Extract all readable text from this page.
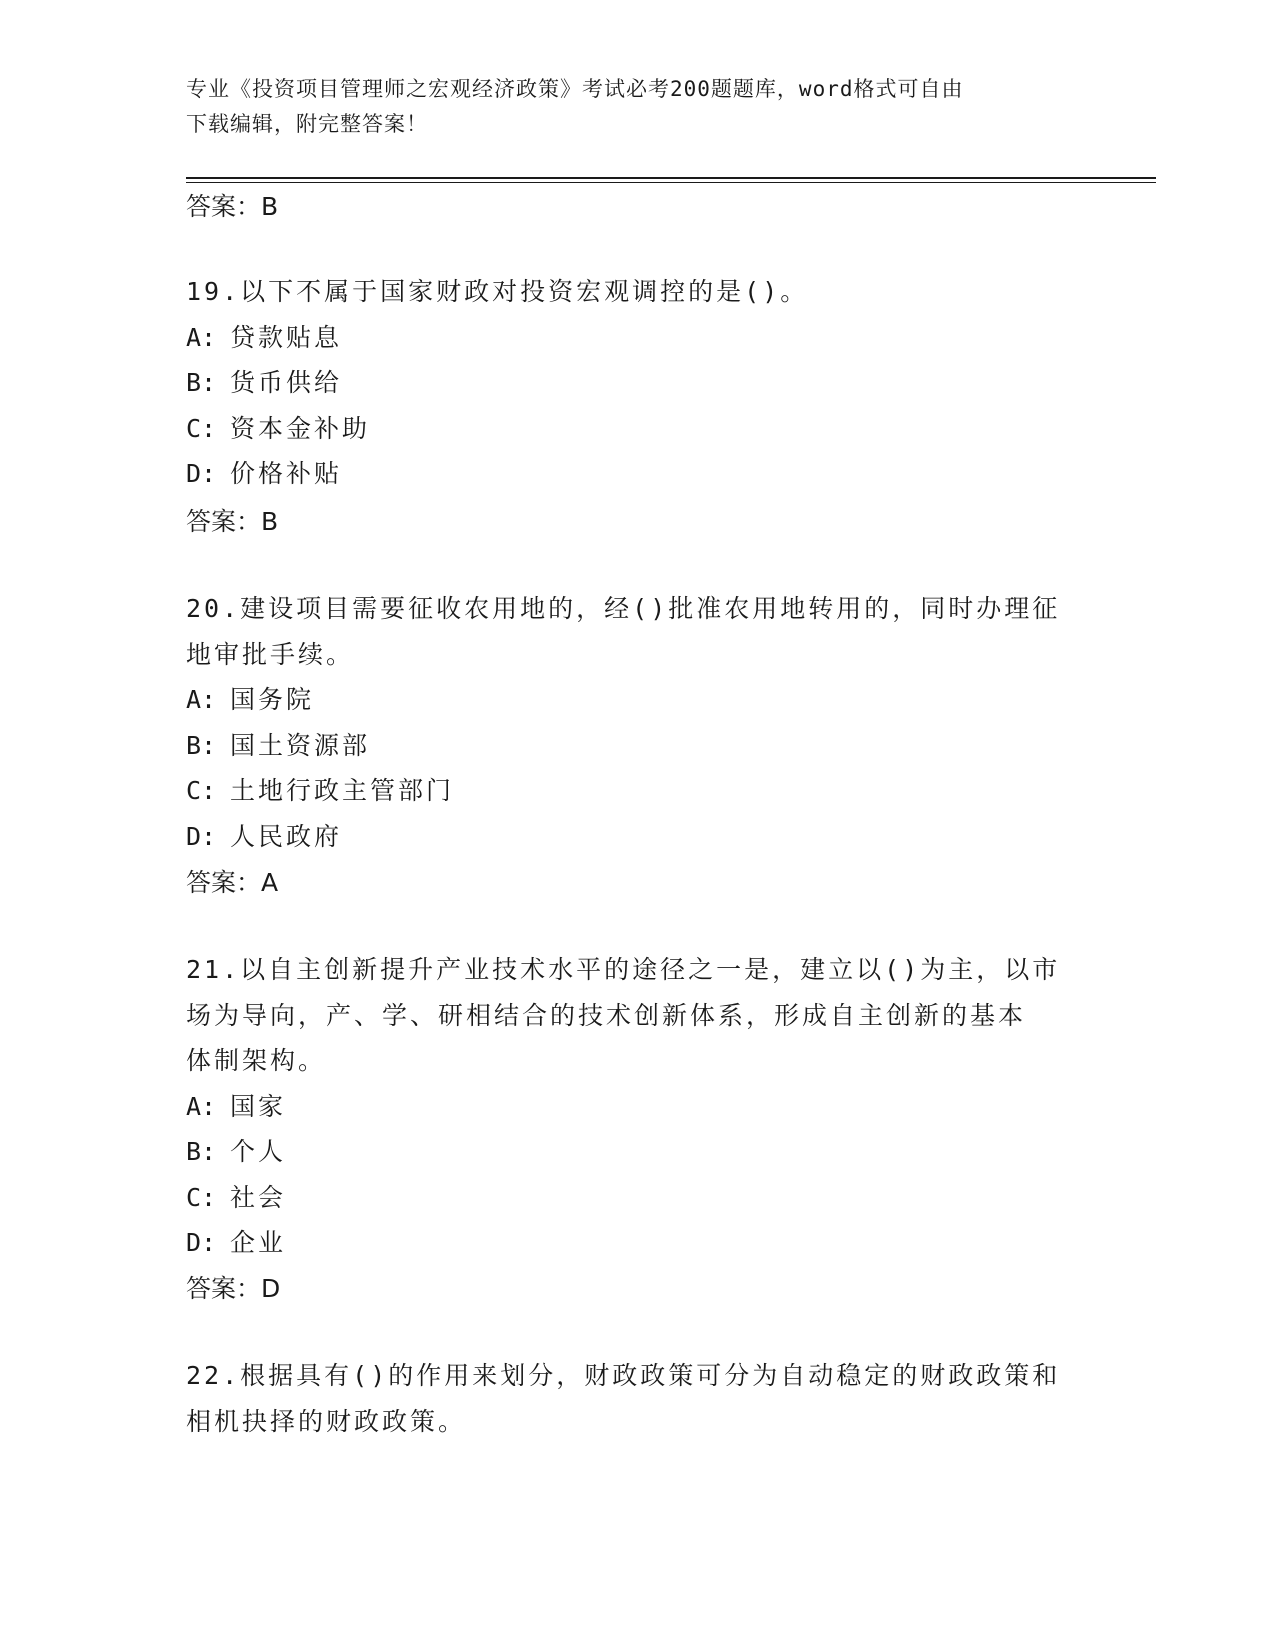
专业《投资项目管理师之宏观经济政策》考试必考200题题库，word格式可自由
下载编辑，附完整答案！
答案：B

19.以下不属于国家财政对投资宏观调控的是()。

A: 贷款贴息

B: 货币供给

C: 资本金补助

D: 价格补贴

答案：B

20.建设项目需要征收农用地的，经()批准农用地转用的，同时办理征

地审批手续。

A: 国务院

B: 国土资源部

C: 土地行政主管部门

D: 人民政府

答案：A

21.以自主创新提升产业技术水平的途径之一是，建立以()为主，以市

场为导向，产、学、研相结合的技术创新体系，形成自主创新的基本

体制架构。

A: 国家

B: 个人

C: 社会

D: 企业

答案：D

22.根据具有()的作用来划分，财政政策可分为自动稳定的财政政策和

相机抉择的财政政策。
